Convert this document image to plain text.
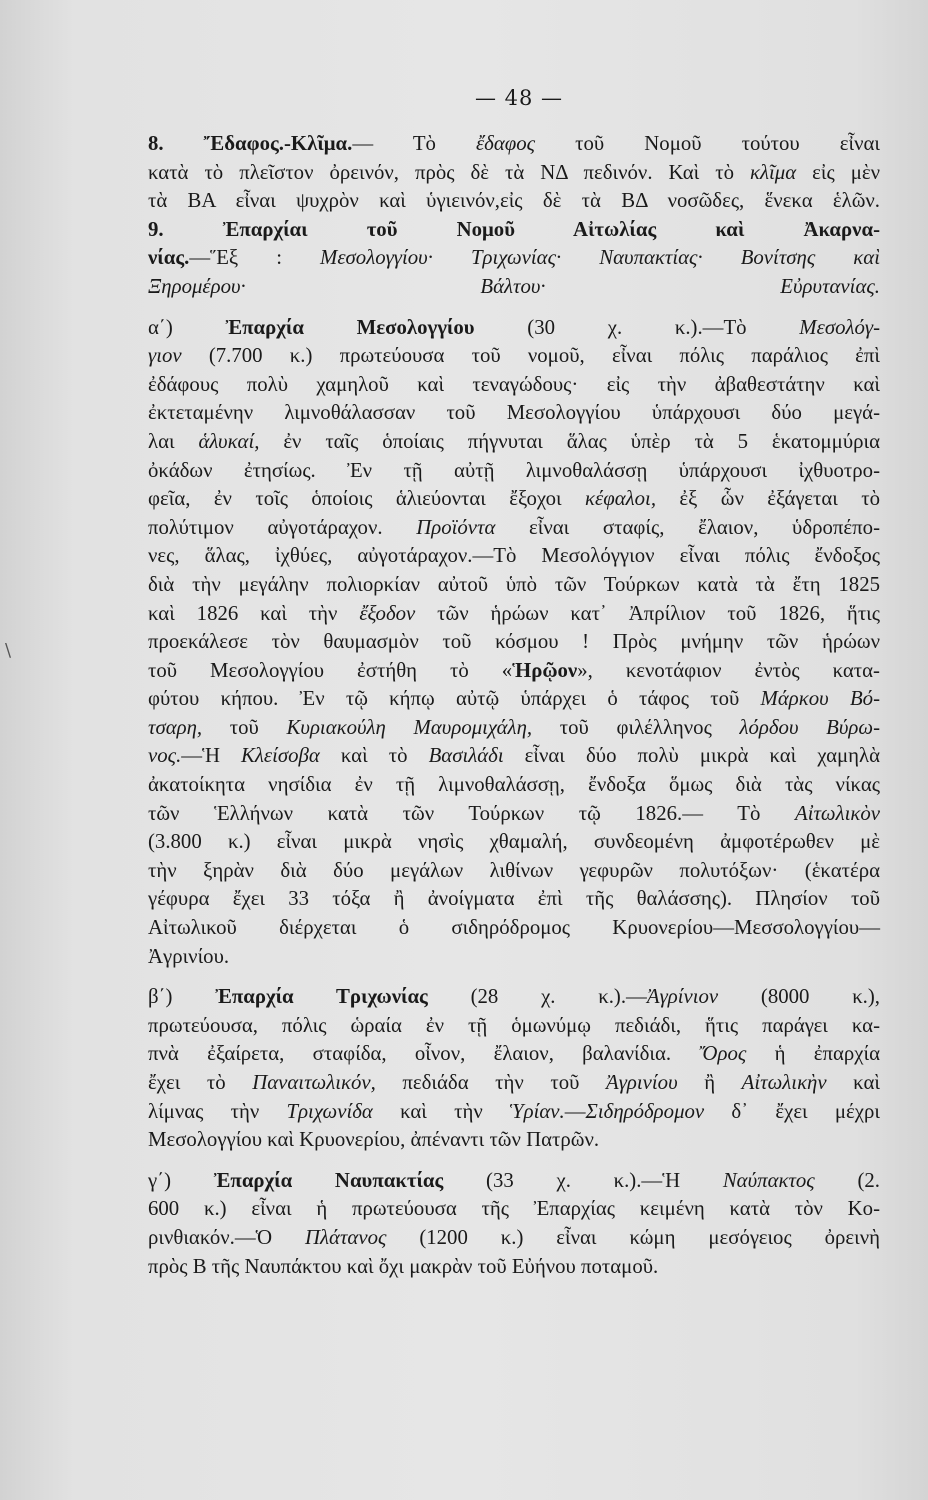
— 48 —
\
8. Ἔδαφος.-Κλῖμα.— Τὸ ἔδαφος τοῦ Νομοῦ τούτου εἶναι
κατὰ τὸ πλεῖστον ὀρεινόν, πρὸς δὲ τὰ ΝΔ πεδινόν. Καὶ τὸ κλῖμα εἰς μὲν
τὰ ΒΑ εἶναι ψυχρὸν καὶ ὑγιεινόν,εἰς δὲ τὰ ΒΔ νοσῶδες, ἕνεκα ἑλῶν.
9. Ἐπαρχίαι τοῦ Νομοῦ Αἰτωλίας καὶ Ἀκαρνα-
νίας.—Ἕξ : Μεσολογγίου· Τριχωνίας· Ναυπακτίας· Βονίτσης καὶ
Ξηρομέρου· Βάλτου· Εὐρυτανίας.
α΄) Ἐπαρχία Μεσολογγίου (30 χ. κ.).—Τὸ Μεσολόγ-
γιον (7.700 κ.) πρωτεύουσα τοῦ νομοῦ, εἶναι πόλις παράλιος ἐπὶ
ἐδάφους πολὺ χαμηλοῦ καὶ τεναγώδους· εἰς τὴν ἀβαθεστάτην καὶ
ἐκτεταμένην λιμνοθάλασσαν τοῦ Μεσολογγίου ὑπάρχουσι δύο μεγά-
λαι ἁλυκαί, ἐν ταῖς ὁποίαις πήγνυται ἅλας ὑπὲρ τὰ 5 ἑκατομμύρια
ὀκάδων ἐτησίως. Ἐν τῇ αὐτῇ λιμνοθαλάσσῃ ὑπάρχουσι ἰχθυοτρο-
φεῖα, ἐν τοῖς ὁποίοις ἁλιεύονται ἔξοχοι κέφαλοι, ἐξ ὧν ἐξάγεται τὸ
πολύτιμον αὐγοτάραχον. Προϊόντα εἶναι σταφίς, ἔλαιον, ὑδροπέπο-
νες, ἅλας, ἰχθύες, αὐγοτάραχον.—Τὸ Μεσολόγγιον εἶναι πόλις ἔνδοξος
διὰ τὴν μεγάλην πολιορκίαν αὐτοῦ ὑπὸ τῶν Τούρκων κατὰ τὰ ἔτη 1825
καὶ 1826 καὶ τὴν ἔξοδον τῶν ἡρώων κατ᾿ Ἀπρίλιον τοῦ 1826, ἥτις
προεκάλεσε τὸν θαυμασμὸν τοῦ κόσμου ! Πρὸς μνήμην τῶν ἡρώων
τοῦ Μεσολογγίου ἐστήθη τὸ «Ἡρῷον», κενοτάφιον ἐντὸς κατα-
φύτου κήπου. Ἐν τῷ κήπῳ αὐτῷ ὑπάρχει ὁ τάφος τοῦ Μάρκου Βό-
τσαρη, τοῦ Κυριακούλη Μαυρομιχάλη, τοῦ φιλέλληνος λόρδου Βύρω-
νος.—Ἡ Κλείσοβα καὶ τὸ Βασιλάδι εἶναι δύο πολὺ μικρὰ καὶ χαμηλὰ
ἀκατοίκητα νησίδια ἐν τῇ λιμνοθαλάσσῃ, ἔνδοξα ὅμως διὰ τὰς νίκας
τῶν Ἑλλήνων κατὰ τῶν Τούρκων τῷ 1826.— Τὸ Αἰτωλικὸν
(3.800 κ.) εἶναι μικρὰ νησὶς χθαμαλή, συνδεομένη ἀμφοτέρωθεν μὲ
τὴν ξηρὰν διὰ δύο μεγάλων λιθίνων γεφυρῶν πολυτόξων· (ἑκατέρα
γέφυρα ἔχει 33 τόξα ἢ ἀνοίγματα ἐπὶ τῆς θαλάσσης). Πλησίον τοῦ
Αἰτωλικοῦ διέρχεται ὁ σιδηρόδρομος Κρυονερίου—Μεσσολογγίου—
Ἀγρινίου.
β΄) Ἐπαρχία Τριχωνίας (28 χ. κ.).—Ἀγρίνιον (8000 κ.),
πρωτεύουσα, πόλις ὡραία ἐν τῇ ὁμωνύμῳ πεδιάδι, ἥτις παράγει κα-
πνὰ ἐξαίρετα, σταφίδα, οἶνον, ἔλαιον, βαλανίδια. Ὄρος ἡ ἐπαρχία
ἔχει τὸ Παναιτωλικόν, πεδιάδα τὴν τοῦ Ἀγρινίου ἢ Αἰτωλικὴν καὶ
λίμνας τὴν Τριχωνίδα καὶ τὴν Ὑρίαν.—Σιδηρόδρομον δ᾿ ἔχει μέχρι
Μεσολογγίου καὶ Κρυονερίου, ἀπέναντι τῶν Πατρῶν.
γ΄) Ἐπαρχία Ναυπακτίας (33 χ. κ.).—Ἡ Ναύπακτος (2.
600 κ.) εἶναι ἡ πρωτεύουσα τῆς Ἐπαρχίας κειμένη κατὰ τὸν Κο-
ρινθιακόν.—Ὁ Πλάτανος (1200 κ.) εἶναι κώμη μεσόγειος ὀρεινὴ
πρὸς Β τῆς Ναυπάκτου καὶ ὄχι μακρὰν τοῦ Εὐήνου ποταμοῦ.
